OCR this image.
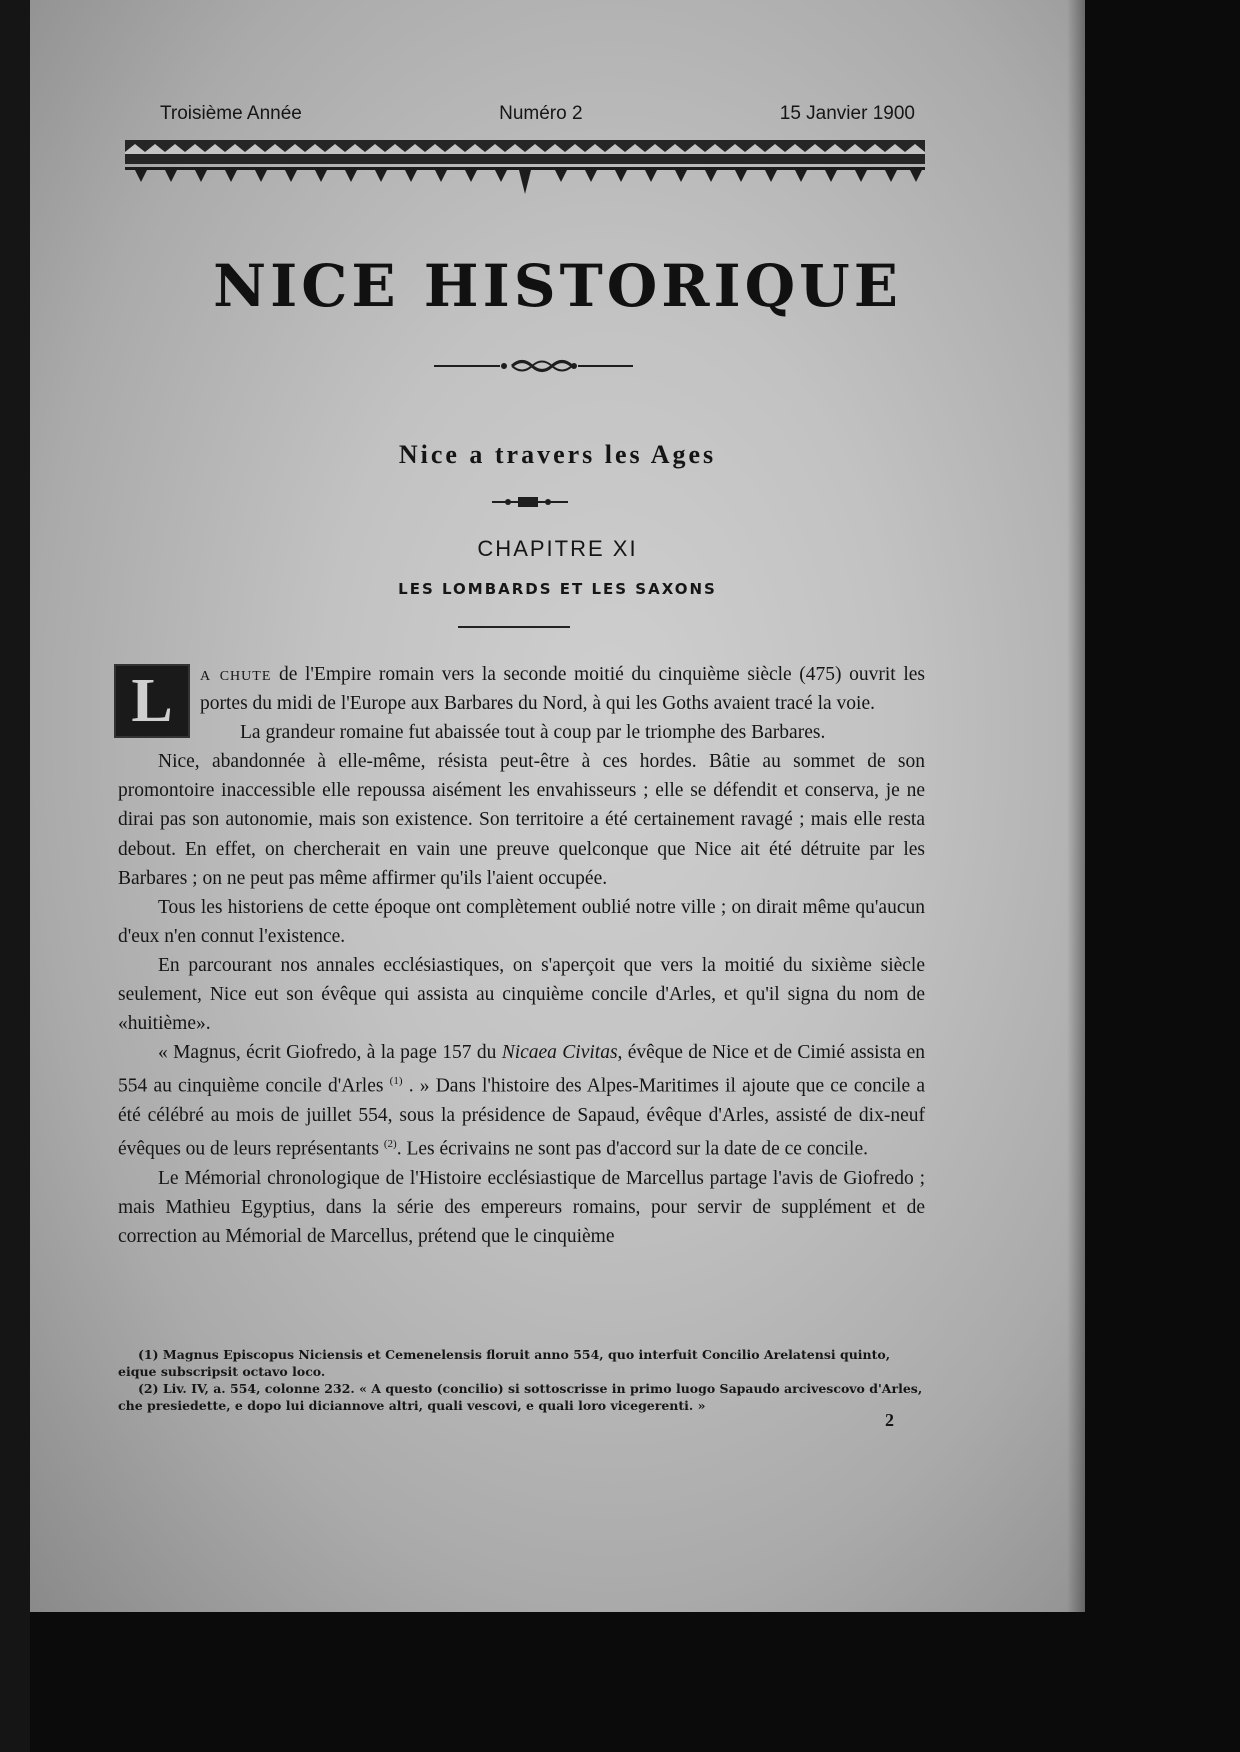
Troisième Année	Numéro 2	15 Janvier 1900
NICE HISTORIQUE
Nice a travers les Ages
CHAPITRE XI
LES LOMBARDS ET LES SAXONS

L	a chute de l'Empire romain vers la seconde moitié du cinquième siècle (475) ouvrit les portes du midi de l'Europe aux Barbares du Nord, à qui les Goths avaient tracé la voie.

La grandeur romaine fut abaissée tout à coup par le triomphe des Barbares.

Nice, abandonnée à elle-même, résista peut-être à ces hordes. Bâtie au sommet de son promontoire inaccessible elle repoussa aisément les envahisseurs ; elle se défendit et conserva, je ne dirai pas son autonomie, mais son existence. Son territoire a été certainement ravagé ; mais elle resta debout. En effet, on chercherait en vain une preuve quelconque que Nice ait été détruite par les Barbares ; on ne peut pas même affirmer qu'ils l'aient occupée.

Tous les historiens de cette époque ont complètement oublié notre ville ; on dirait même qu'aucun d'eux n'en connut l'existence.

En parcourant nos annales ecclésiastiques, on s'aperçoit que vers la moitié du sixième siècle seulement, Nice eut son évêque qui assista au cinquième concile d'Arles, et qu'il signa du nom de «huitième».

« Magnus, écrit Giofredo, à la page 157 du Nicaea Civitas, évêque de Nice et de Cimié assista en 554 au cinquième concile d'Arles $^{(1)}$ . » Dans l'histoire des Alpes-Maritimes il ajoute que ce concile a été célébré au mois de juillet 554, sous la présidence de Sapaud, évêque d'Arles, assisté de dix-neuf évêques ou de leurs représentants $^{(2)}$. Les écrivains ne sont pas d'accord sur la date de ce concile.

Le Mémorial chronologique de l'Histoire ecclésiastique de Marcellus partage l'avis de Giofredo ; mais Mathieu Egyptius, dans la série des empereurs romains, pour servir de supplément et de correction au Mémorial de Marcellus, prétend que le cinquième

(1) Magnus Episcopus Niciensis et Cemenelensis floruit anno 554, quo interfuit Concilio Arelatensi quinto, eique subscripsit octavo loco.

(2) Liv. IV, a. 554, colonne 232. « A questo (concilio) si sottoscrisse in primo luogo Sapaudo arcivescovo d'Arles, che presiedette, e dopo lui diciannove altri, quali vescovi, e quali loro vicegerenti. »

2
